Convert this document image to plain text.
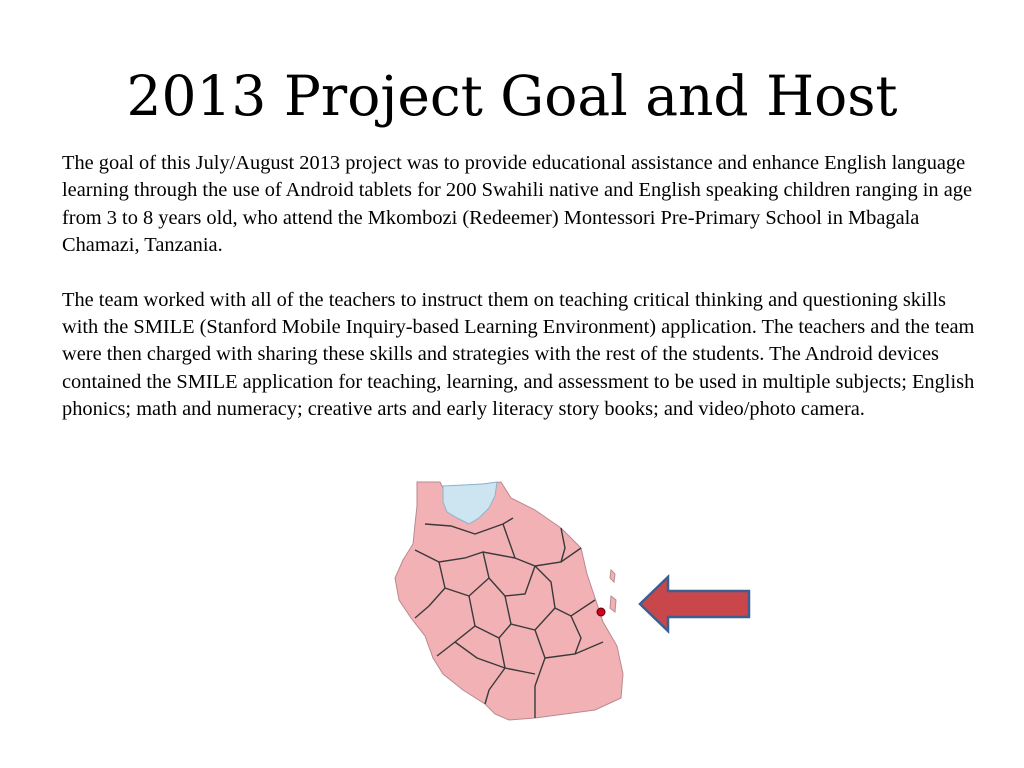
2013 Project Goal and Host

The goal of this July/August 2013 project was to provide educational assistance and enhance English language learning through the use of Android tablets for 200 Swahili native and English speaking children ranging in age from 3 to 8 years old, who attend the Mkombozi (Redeemer) Montessori Pre-Primary School in Mbagala Chamazi, Tanzania.

The team worked with all of the teachers to instruct them on teaching critical thinking and questioning skills with the SMILE (Stanford Mobile Inquiry-based Learning Environment) application. The teachers and the team were then charged with sharing these skills and strategies with the rest of the students. The Android devices contained the SMILE application for teaching, learning, and assessment to be used in multiple subjects; English phonics; math and numeracy; creative arts and early literacy story books; and video/photo camera.
